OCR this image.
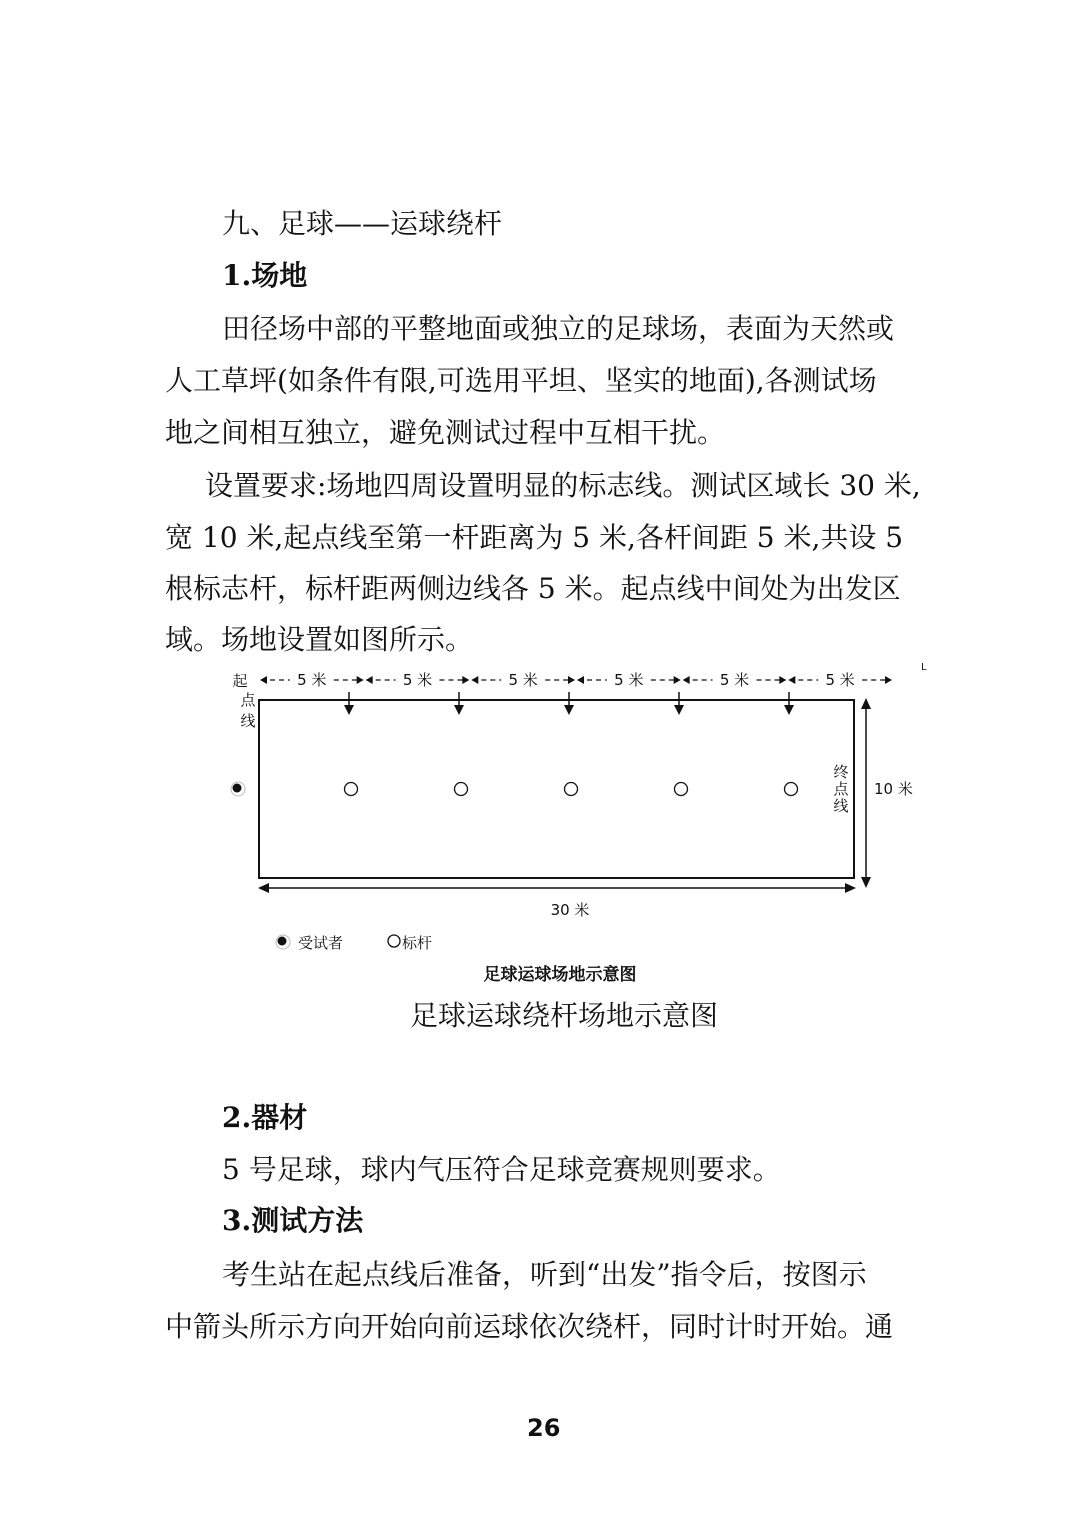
九、足球——运球绕杆

1.场地

田径场中部的平整地面或独立的足球场，表面为天然或

人工草坪(如条件有限,可选用平坦、坚实的地面),各测试场

地之间相互独立，避免测试过程中互相干扰。

设置要求:场地四周设置明显的标志线。测试区域长 30 米,

宽 10 米,起点线至第一杆距离为 5 米,各杆间距 5 米,共设 5

根标志杆，标杆距两侧边线各 5 米。起点线中间处为出发区

域。场地设置如图所示。

5 米	5 米	5 米	5 米	5 米	5 米
起
点
线
L
终
点
线
10 米
30 米
受试者	标杆
足球运球场地示意图

足球运球绕杆场地示意图

2.器材

5 号足球，球内气压符合足球竞赛规则要求。

3.测试方法

考生站在起点线后准备，听到“出发”指令后，按图示

中箭头所示方向开始向前运球依次绕杆，同时计时开始。通

26
